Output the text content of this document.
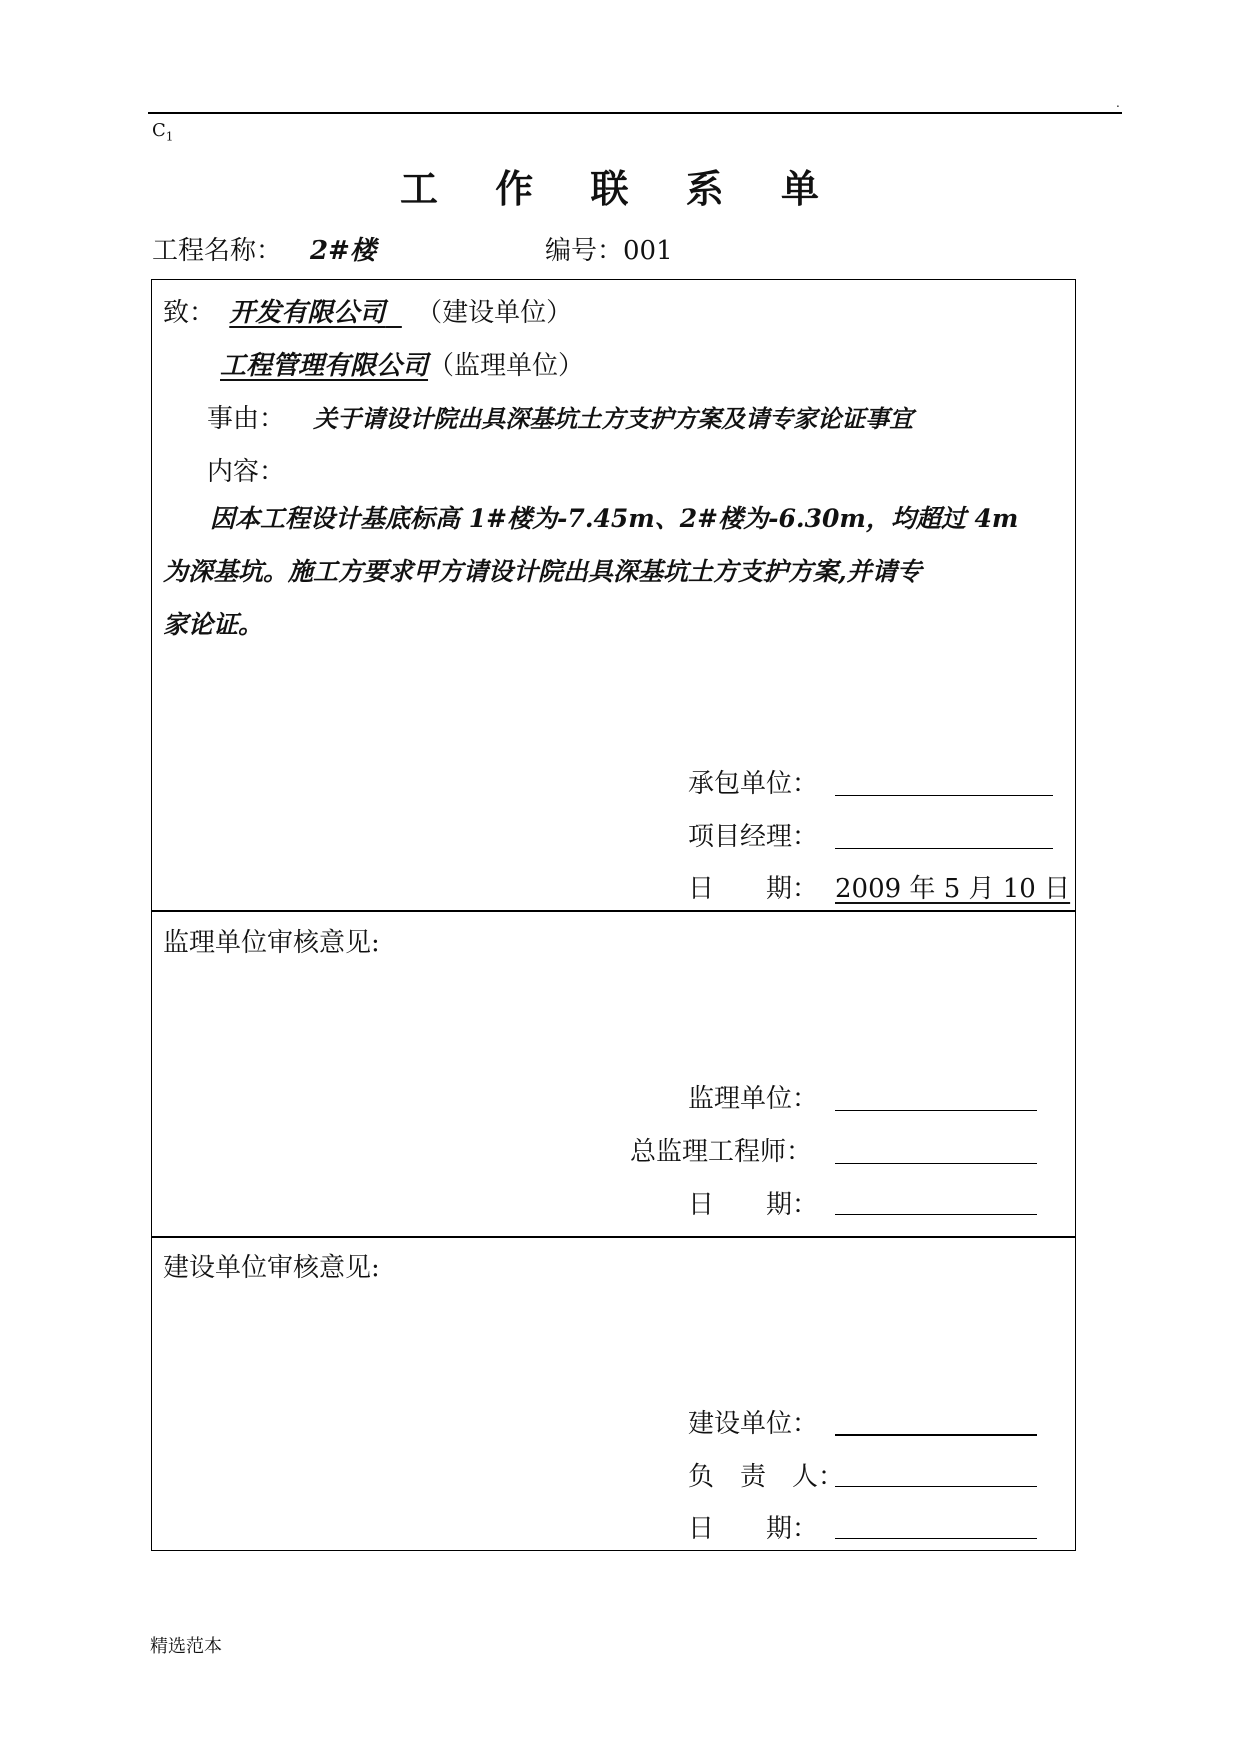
.
$C_1$
工 作 联 系 单
工程名称： 2#楼	编号：001
致： 开发有限公司 （建设单位）
工程管理有限公司（监理单位）
事由： 关于请设计院出具深基坑土方支护方案及请专家论证事宜
内容：
因本工程设计基底标高 1#楼为-7.45m、2#楼为-6.30m，均超过 4m
为深基坑。施工方要求甲方请设计院出具深基坑土方支护方案,并请专
家论证。
承包单位：
项目经理：
日　　期： 2009 年 5 月 10 日
监理单位审核意见:
监理单位：
总监理工程师：
日　　期：
建设单位审核意见:
建设单位：
负　责　人：
日　　期：
精选范本
